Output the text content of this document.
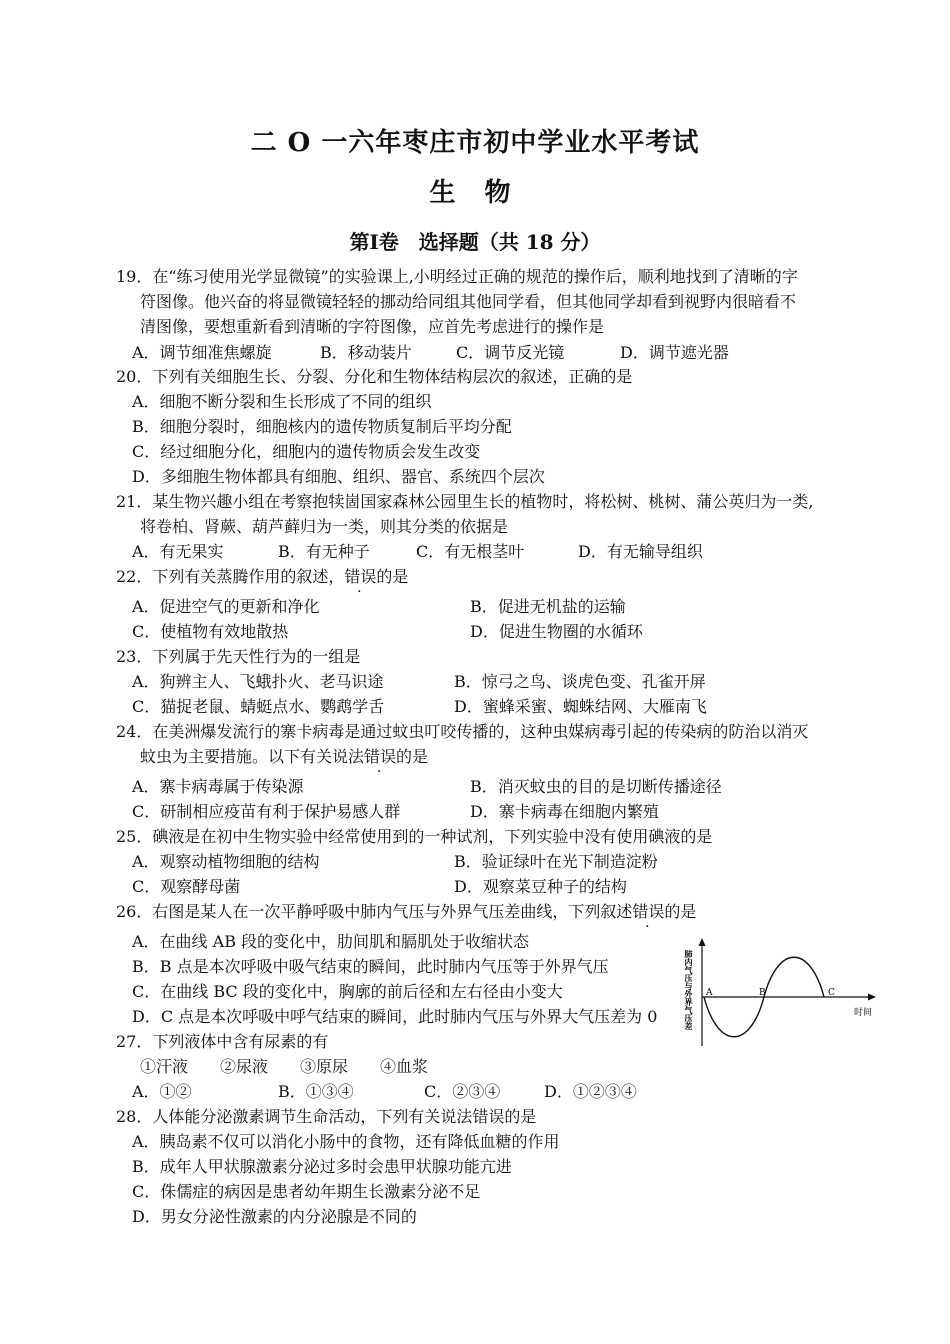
二 O 一六年枣庄市初中学业水平考试
生 物
第Ⅰ卷　选择题（共 18 分）
19．在“练习使用光学显微镜”的实验课上,小明经过正确的规范的操作后，顺利地找到了清晰的字
符图像。他兴奋的将显微镜轻轻的挪动给同组其他同学看，但其他同学却看到视野内很暗看不
清图像，要想重新看到清晰的字符图像，应首先考虑进行的操作是
A．调节细准焦螺旋	B．移动装片	C．调节反光镜	D．调节遮光器
20．下列有关细胞生长、分裂、分化和生物体结构层次的叙述，正确的是
A．细胞不断分裂和生长形成了不同的组织
B．细胞分裂时，细胞核内的遗传物质复制后平均分配
C．经过细胞分化，细胞内的遗传物质会发生改变
D．多细胞生物体都具有细胞、组织、器官、系统四个层次
21．某生物兴趣小组在考察抱犊崮国家森林公园里生长的植物时，将松树、桃树、蒲公英归为一类,
将卷柏、肾蕨、葫芦藓归为一类，则其分类的依据是
A．有无果实	B．有无种子	C．有无根茎叶	D．有无输导组织
22．下列有关蒸腾作用的叙述，错误的是
A．促进空气的更新和净化	B．促进无机盐的运输
C．使植物有效地散热	D．促进生物圈的水循环
23．下列属于先天性行为的一组是
A．狗辨主人、飞蛾扑火、老马识途	B．惊弓之鸟、谈虎色变、孔雀开屏
C．猫捉老鼠、蜻蜓点水、鹦鹉学舌	D．蜜蜂采蜜、蜘蛛结网、大雁南飞
24．在美洲爆发流行的寨卡病毒是通过蚊虫叮咬传播的，这种虫媒病毒引起的传染病的防治以消灭
蚊虫为主要措施。以下有关说法错误的是
A．寨卡病毒属于传染源	B．消灭蚊虫的目的是切断传播途径
C．研制相应疫苗有利于保护易感人群	D．寨卡病毒在细胞内繁殖
25．碘液是在初中生物实验中经常使用到的一种试剂，下列实验中没有使用碘液的是
A．观察动植物细胞的结构	B．验证绿叶在光下制造淀粉
C．观察酵母菌	D．观察菜豆种子的结构
26．右图是某人在一次平静呼吸中肺内气压与外界气压差曲线，下列叙述错误的是
A．在曲线 AB 段的变化中，肋间肌和膈肌处于收缩状态
B．B 点是本次呼吸中吸气结束的瞬间，此时肺内气压等于外界气压
C．在曲线 BC 段的变化中，胸廓的前后径和左右径由小变大
D．C 点是本次呼吸中呼气结束的瞬间，此时肺内气压与外界大气压差为 0
A	B	C
肺内气压与外界气压差	时间
27．下列液体中含有尿素的有
①汗液　　②尿液　　③原尿　　④血浆
A．①②	B．①③④	C．②③④	D．①②③④
28．人体能分泌激素调节生命活动，下列有关说法错误的是
A．胰岛素不仅可以消化小肠中的食物，还有降低血糖的作用
B．成年人甲状腺激素分泌过多时会患甲状腺功能亢进
C．侏儒症的病因是患者幼年期生长激素分泌不足
D．男女分泌性激素的内分泌腺是不同的
